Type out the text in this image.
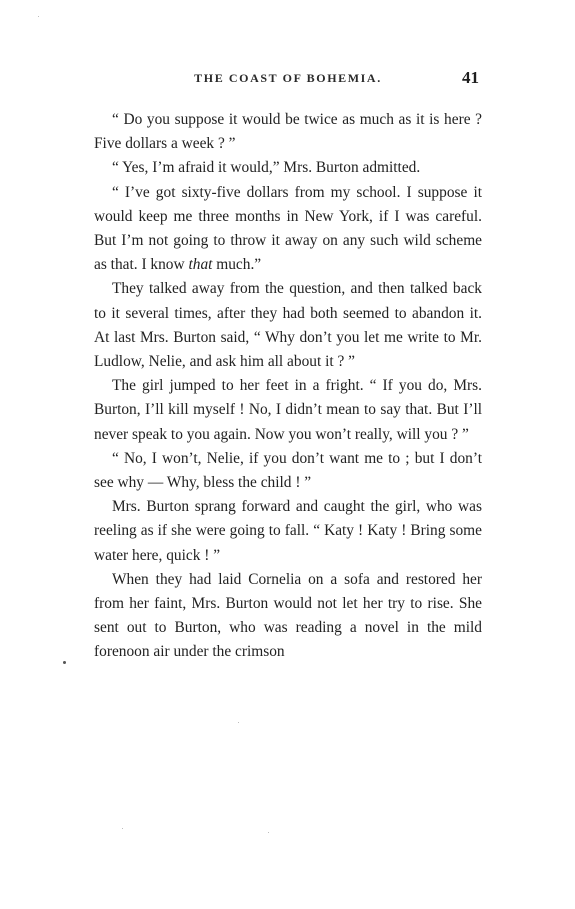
THE COAST OF BOHEMIA.	41

“ Do you suppose it would be twice as much as it is here ? Five dollars a week ? ”

“ Yes, I’m afraid it would,” Mrs. Burton admitted.

“ I’ve got sixty-five dollars from my school. I suppose it would keep me three months in New York, if I was careful. But I’m not going to throw it away on any such wild scheme as that. I know that much.”

They talked away from the question, and then talked back to it several times, after they had both seemed to abandon it. At last Mrs. Burton said, “ Why don’t you let me write to Mr. Ludlow, Nelie, and ask him all about it ? ”

The girl jumped to her feet in a fright. “ If you do, Mrs. Burton, I’ll kill myself ! No, I didn’t mean to say that. But I’ll never speak to you again. Now you won’t really, will you ? ”

“ No, I won’t, Nelie, if you don’t want me to ; but I don’t see why — Why, bless the child ! ”

Mrs. Burton sprang forward and caught the girl, who was reeling as if she were going to fall. “ Katy ! Katy ! Bring some water here, quick ! ”

When they had laid Cornelia on a sofa and restored her from her faint, Mrs. Burton would not let her try to rise. She sent out to Burton, who was reading a novel in the mild forenoon air under the crimson
